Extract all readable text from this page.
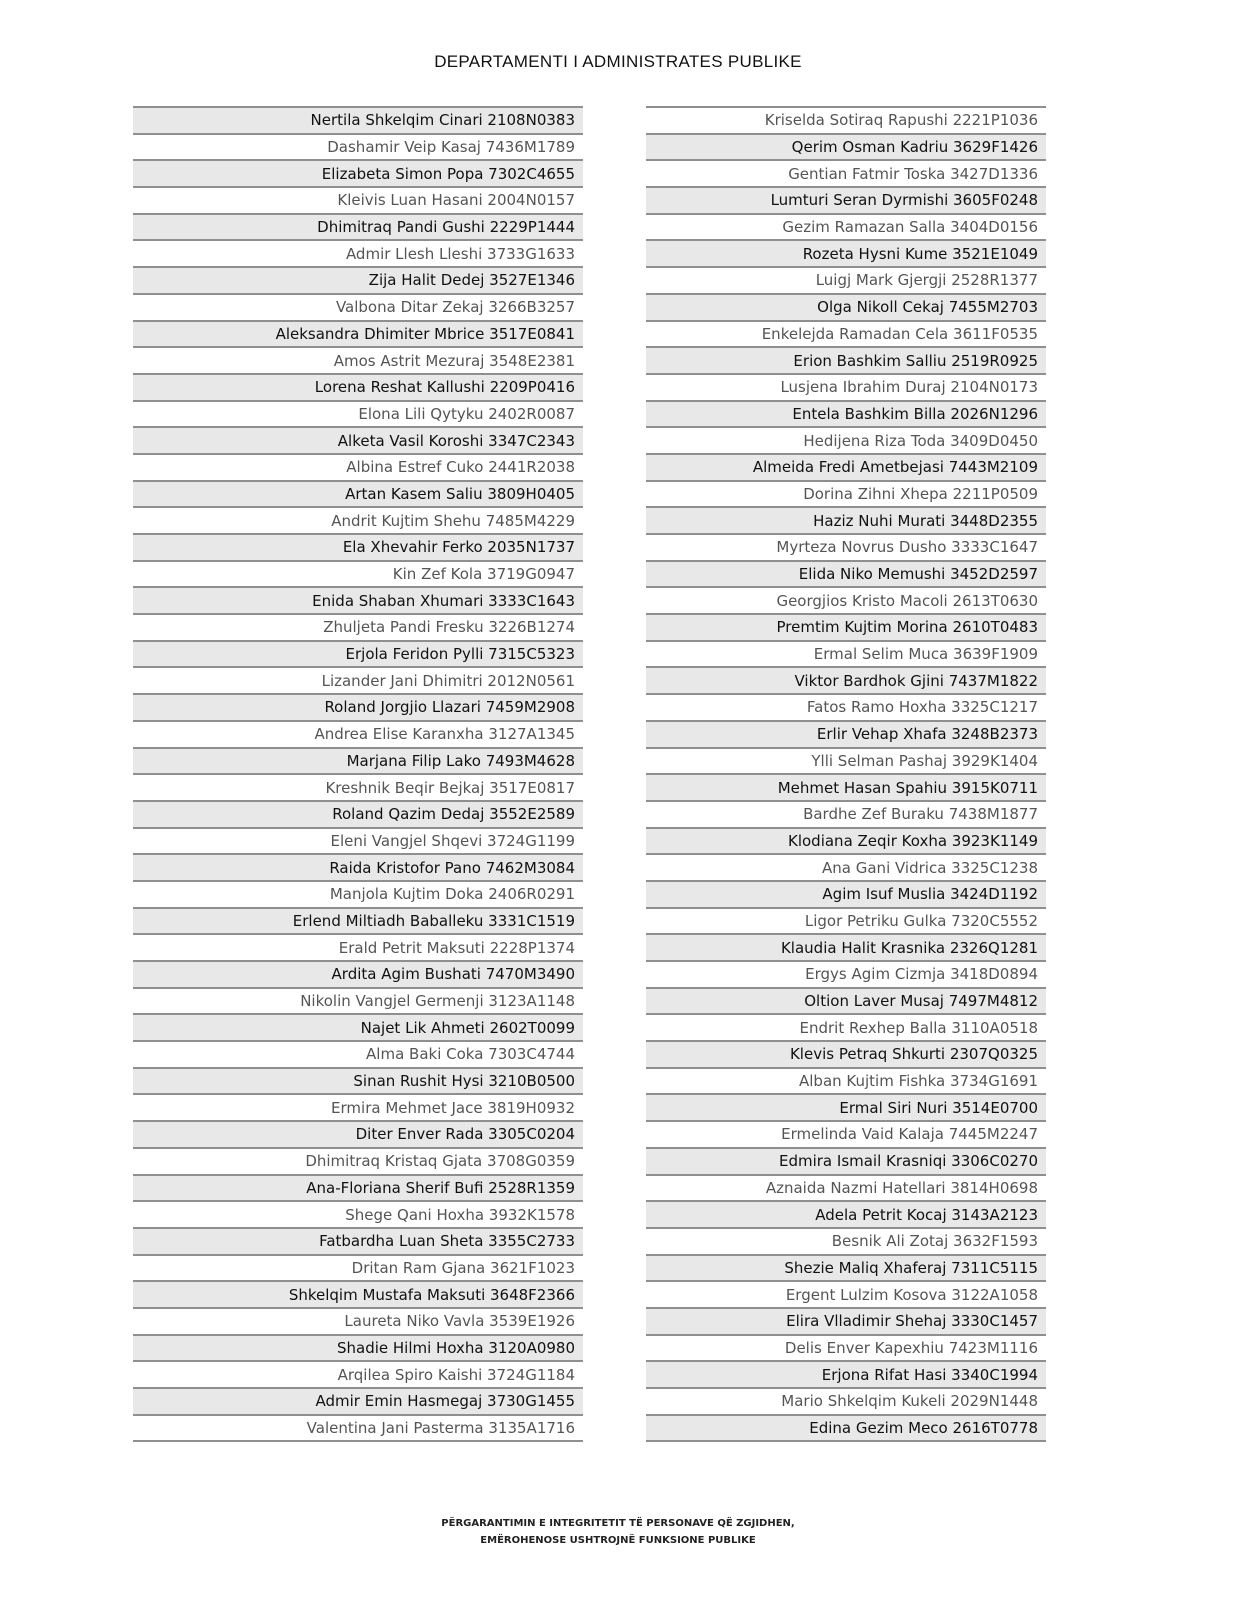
DEPARTAMENTI I ADMINISTRATES PUBLIKE
Nertila Shkelqim Cinari 2108N0383
Dashamir Veip Kasaj 7436M1789
Elizabeta Simon Popa 7302C4655
Kleivis Luan Hasani 2004N0157
Dhimitraq Pandi Gushi 2229P1444
Admir Llesh Lleshi 3733G1633
Zija Halit Dedej 3527E1346
Valbona Ditar Zekaj 3266B3257
Aleksandra Dhimiter Mbrice 3517E0841
Amos Astrit Mezuraj 3548E2381
Lorena Reshat Kallushi 2209P0416
Elona Lili Qytyku 2402R0087
Alketa Vasil Koroshi 3347C2343
Albina Estref Cuko 2441R2038
Artan Kasem Saliu 3809H0405
Andrit Kujtim Shehu 7485M4229
Ela Xhevahir Ferko 2035N1737
Kin Zef Kola 3719G0947
Enida Shaban Xhumari 3333C1643
Zhuljeta Pandi Fresku 3226B1274
Erjola Feridon Pylli 7315C5323
Lizander Jani Dhimitri 2012N0561
Roland Jorgjio Llazari 7459M2908
Andrea Elise Karanxha 3127A1345
Marjana Filip Lako 7493M4628
Kreshnik Beqir Bejkaj 3517E0817
Roland Qazim Dedaj 3552E2589
Eleni Vangjel Shqevi 3724G1199
Raida Kristofor Pano 7462M3084
Manjola Kujtim Doka 2406R0291
Erlend Miltiadh Baballeku 3331C1519
Erald Petrit Maksuti 2228P1374
Ardita Agim Bushati 7470M3490
Nikolin Vangjel Germenji 3123A1148
Najet Lik Ahmeti 2602T0099
Alma Baki Coka 7303C4744
Sinan Rushit Hysi 3210B0500
Ermira Mehmet Jace 3819H0932
Diter Enver Rada 3305C0204
Dhimitraq Kristaq Gjata 3708G0359
Ana-Floriana Sherif Bufi 2528R1359
Shege Qani Hoxha 3932K1578
Fatbardha Luan Sheta 3355C2733
Dritan Ram Gjana 3621F1023
Shkelqim Mustafa Maksuti 3648F2366
Laureta Niko Vavla 3539E1926
Shadie Hilmi Hoxha 3120A0980
Arqilea Spiro Kaishi 3724G1184
Admir Emin Hasmegaj 3730G1455
Valentina Jani Pasterma 3135A1716
Kriselda Sotiraq Rapushi 2221P1036
Qerim Osman Kadriu 3629F1426
Gentian Fatmir Toska 3427D1336
Lumturi Seran Dyrmishi 3605F0248
Gezim Ramazan Salla 3404D0156
Rozeta Hysni Kume 3521E1049
Luigj Mark Gjergji 2528R1377
Olga Nikoll Cekaj 7455M2703
Enkelejda Ramadan Cela 3611F0535
Erion Bashkim Salliu 2519R0925
Lusjena Ibrahim Duraj 2104N0173
Entela Bashkim Billa 2026N1296
Hedijena Riza Toda 3409D0450
Almeida Fredi Ametbejasi 7443M2109
Dorina Zihni Xhepa 2211P0509
Haziz Nuhi Murati 3448D2355
Myrteza Novrus Dusho 3333C1647
Elida Niko Memushi 3452D2597
Georgjios Kristo Macoli 2613T0630
Premtim Kujtim Morina 2610T0483
Ermal Selim Muca 3639F1909
Viktor Bardhok Gjini 7437M1822
Fatos Ramo Hoxha 3325C1217
Erlir Vehap Xhafa 3248B2373
Ylli Selman Pashaj 3929K1404
Mehmet Hasan Spahiu 3915K0711
Bardhe Zef Buraku 7438M1877
Klodiana Zeqir Koxha 3923K1149
Ana Gani Vidrica 3325C1238
Agim Isuf Muslia 3424D1192
Ligor Petriku Gulka 7320C5552
Klaudia Halit Krasnika 2326Q1281
Ergys Agim Cizmja 3418D0894
Oltion Laver Musaj 7497M4812
Endrit Rexhep Balla 3110A0518
Klevis Petraq Shkurti 2307Q0325
Alban Kujtim Fishka 3734G1691
Ermal Siri Nuri 3514E0700
Ermelinda Vaid Kalaja 7445M2247
Edmira Ismail Krasniqi 3306C0270
Aznaida Nazmi Hatellari 3814H0698
Adela Petrit Kocaj 3143A2123
Besnik Ali Zotaj 3632F1593
Shezie Maliq Xhaferaj 7311C5115
Ergent Lulzim Kosova 3122A1058
Elira Vlladimir Shehaj 3330C1457
Delis Enver Kapexhiu 7423M1116
Erjona Rifat Hasi 3340C1994
Mario Shkelqim Kukeli 2029N1448
Edina Gezim Meco 2616T0778
PËRGARANTIMIN E INTEGRITETIT TË PERSONAVE QË ZGJIDHEN,
EMËROHENOSE USHTROJNË FUNKSIONE PUBLIKE
